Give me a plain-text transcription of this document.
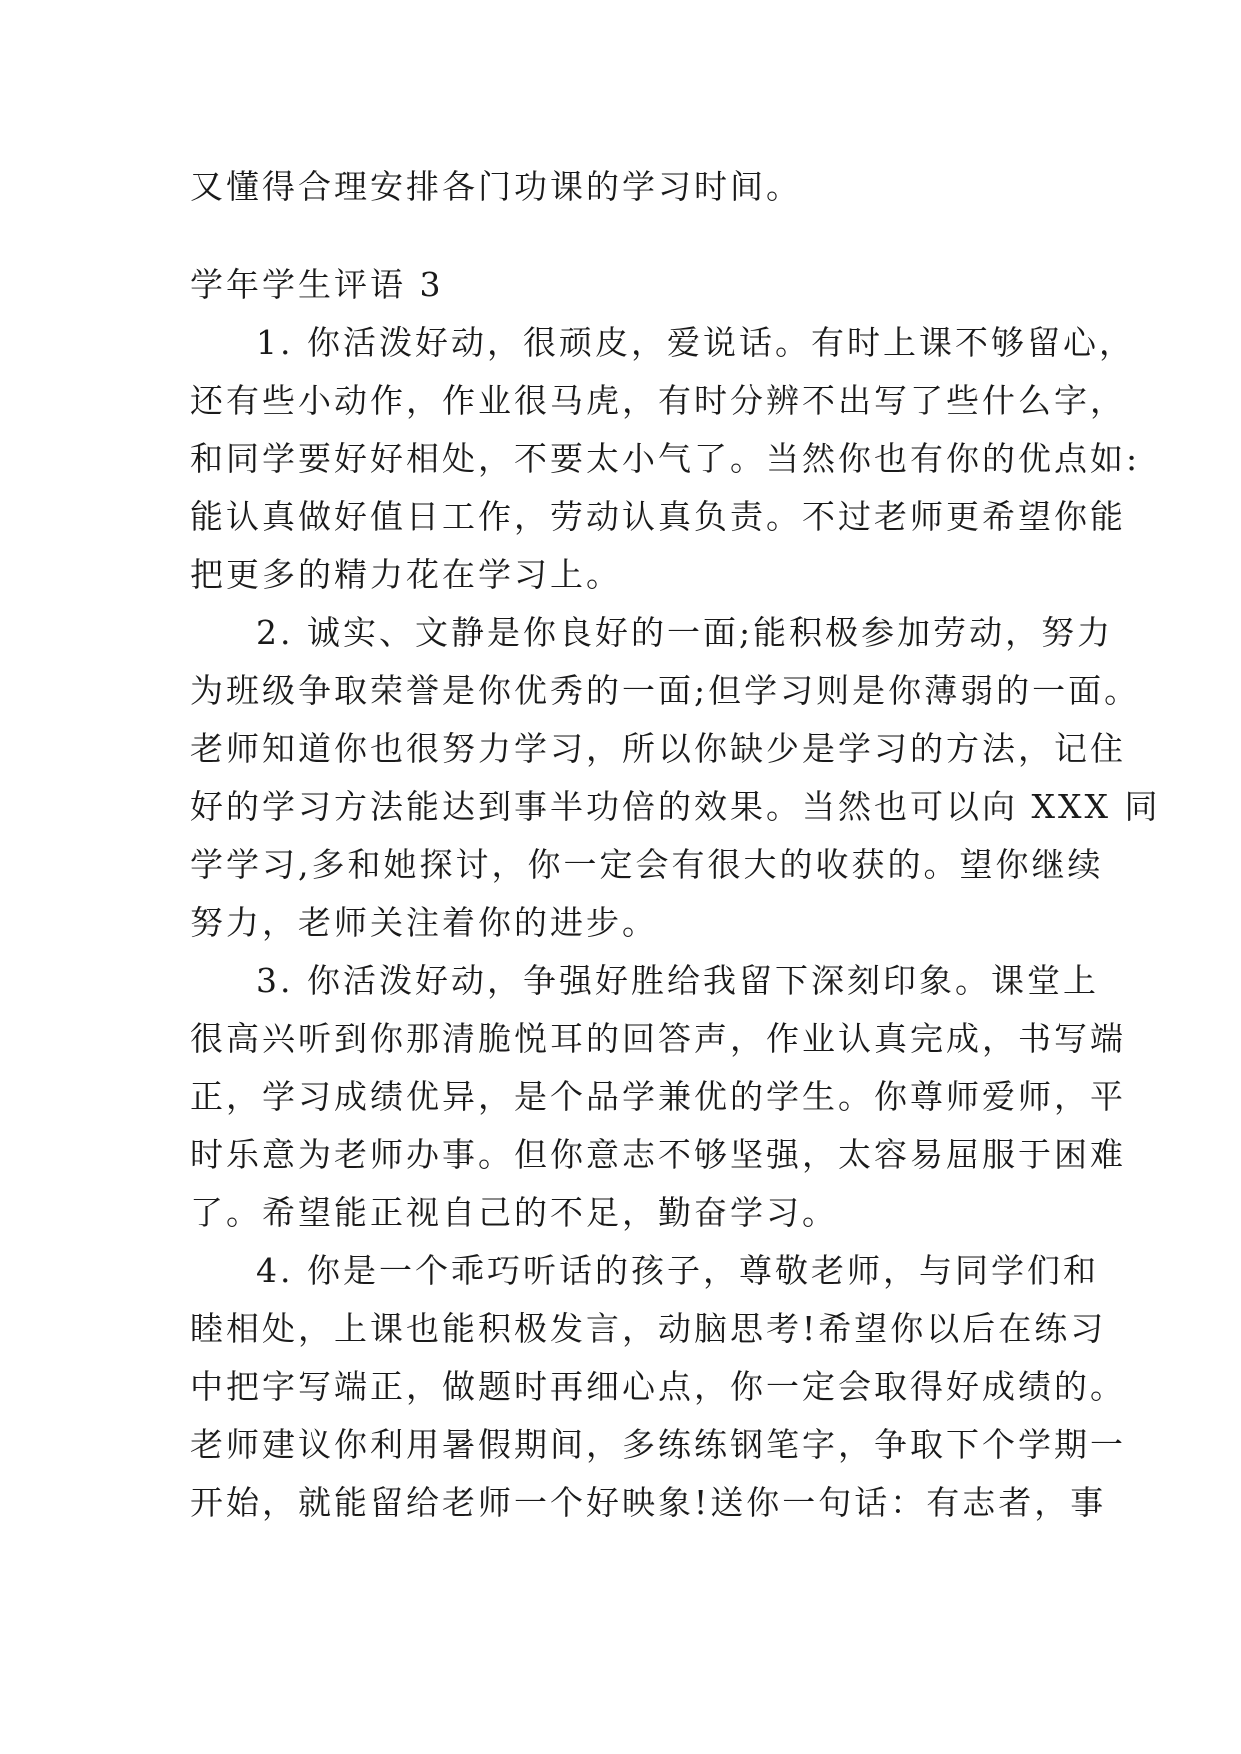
又懂得合理安排各门功课的学习时间。
学年学生评语 3
1. 你活泼好动，很顽皮，爱说话。有时上课不够留心，
还有些小动作，作业很马虎，有时分辨不出写了些什么字，
和同学要好好相处，不要太小气了。当然你也有你的优点如:
能认真做好值日工作，劳动认真负责。不过老师更希望你能
把更多的精力花在学习上。
2. 诚实、文静是你良好的一面;能积极参加劳动，努力
为班级争取荣誉是你优秀的一面;但学习则是你薄弱的一面。
老师知道你也很努力学习，所以你缺少是学习的方法，记住
好的学习方法能达到事半功倍的效果。当然也可以向 XXX 同
学学习,多和她探讨，你一定会有很大的收获的。望你继续
努力，老师关注着你的进步。
3. 你活泼好动，争强好胜给我留下深刻印象。课堂上
很高兴听到你那清脆悦耳的回答声，作业认真完成，书写端
正，学习成绩优异，是个品学兼优的学生。你尊师爱师，平
时乐意为老师办事。但你意志不够坚强，太容易屈服于困难
了。希望能正视自己的不足，勤奋学习。
4. 你是一个乖巧听话的孩子，尊敬老师，与同学们和
睦相处，上课也能积极发言，动脑思考!希望你以后在练习
中把字写端正，做题时再细心点，你一定会取得好成绩的。
老师建议你利用暑假期间，多练练钢笔字，争取下个学期一
开始，就能留给老师一个好映象!送你一句话：有志者，事
